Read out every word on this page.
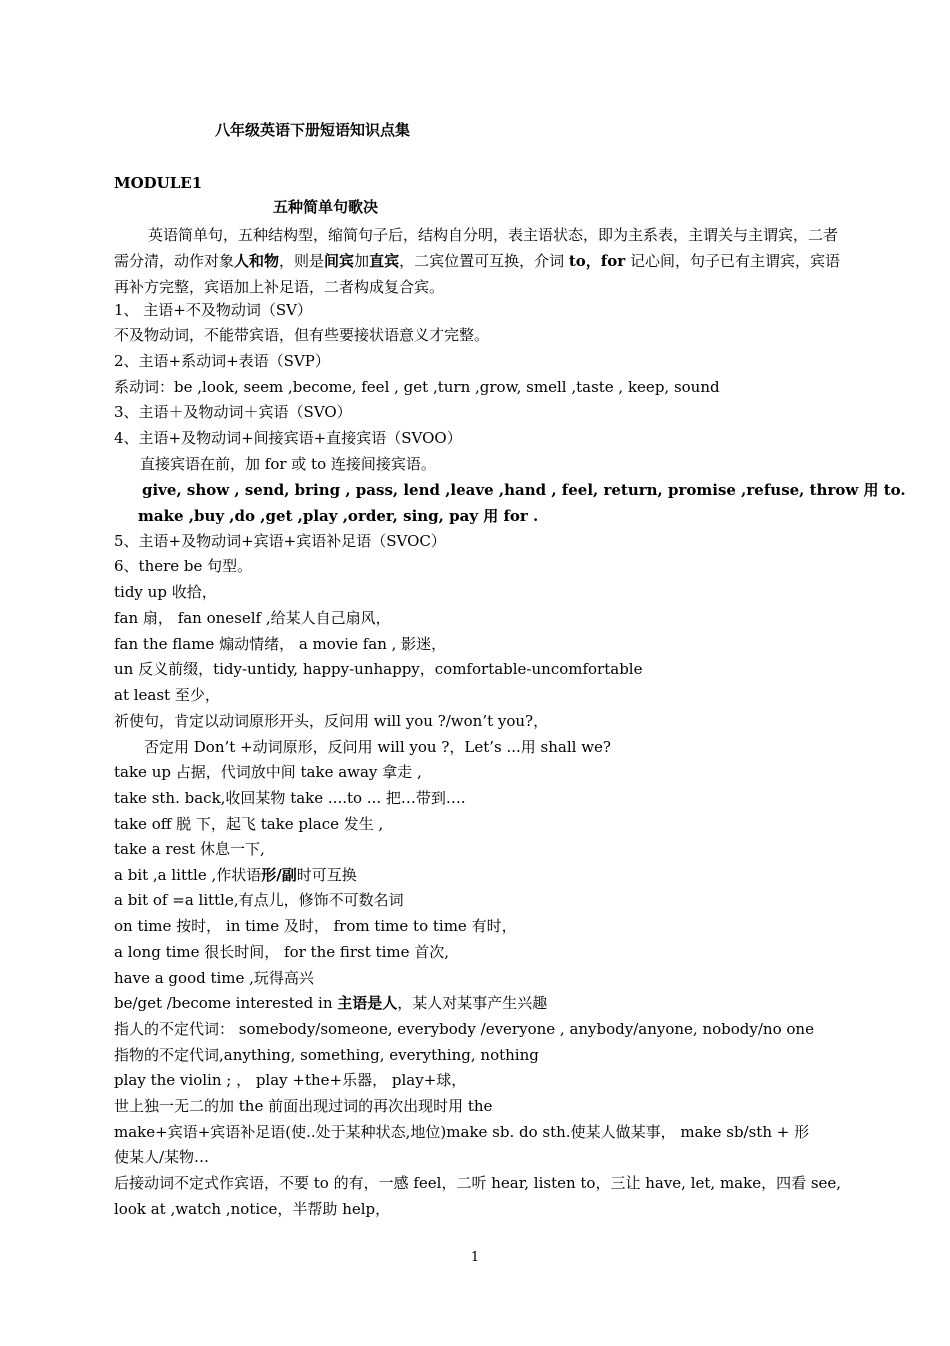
八年级英语下册短语知识点集
MODULE1
五种简单句歌决
英语简单句，五种结构型，缩简句子后，结构自分明，表主语状态，即为主系表，主谓关与主谓宾，二者需分清，动作对象人和物，则是间宾加直宾，二宾位置可互换，介词 to，for 记心间，句子已有主谓宾，宾语再补方完整，宾语加上补足语，二者构成复合宾。
1、 主语+不及物动词（SV）
不及物动词，不能带宾语，但有些要接状语意义才完整。
2、主语+系动词+表语（SVP）
系动词：be ,look, seem ,become, feel , get ,turn ,grow, smell ,taste , keep, sound
3、主语＋及物动词＋宾语（SVO）
4、主语+及物动词+间接宾语+直接宾语（SVOO）
直接宾语在前，加 for 或 to 连接间接宾语。
give, show , send, bring , pass, lend ,leave ,hand , feel, return, promise ,refuse, throw 用 to.
make ,buy ,do ,get ,play ,order, sing, pay 用 for .
5、主语+及物动词+宾语+宾语补足语（SVOC）
6、there be 句型。
tidy up 收拾，
fan 扇， fan oneself ,给某人自己扇风，
fan the flame 煽动情绪， a movie fan , 影迷，
un 反义前缀，tidy-untidy, happy-unhappy，comfortable-uncomfortable
at least 至少，
祈使句，肯定以动词原形开头，反问用 will you ?/won’t you?，
否定用 Don’t +动词原形，反问用 will you ?，Let’s ...用 shall we?
take up 占据，代词放中间 take away 拿走 ,
take sth. back,收回某物 take ....to ... 把…带到….
take off 脱 下，起飞 take place 发生 ,
take a rest 休息一下,
a bit ,a little ,作状语形/副时可互换
a bit of =a little,有点儿，修饰不可数名词
on time 按时， in time 及时， from time to time 有时，
a long time 很长时间， for the first time 首次,
have a good time ,玩得高兴
be/get /become interested in 主语是人，某人对某事产生兴趣
指人的不定代词： somebody/someone, everybody /everyone , anybody/anyone, nobody/no one
指物的不定代词,anything, something, everything, nothing
play the violin ; ， play +the+乐器， play+球，
世上独一无二的加 the 前面出现过词的再次出现时用 the
make+宾语+宾语补足语(使..处于某种状态,地位)make sb. do sth.使某人做某事， make sb/sth + 形
使某人/某物…
后接动词不定式作宾语，不要 to 的有，一感 feel，二听 hear, listen to，三让 have, let, make，四看 see,
look at ,watch ,notice，半帮助 help，
1
